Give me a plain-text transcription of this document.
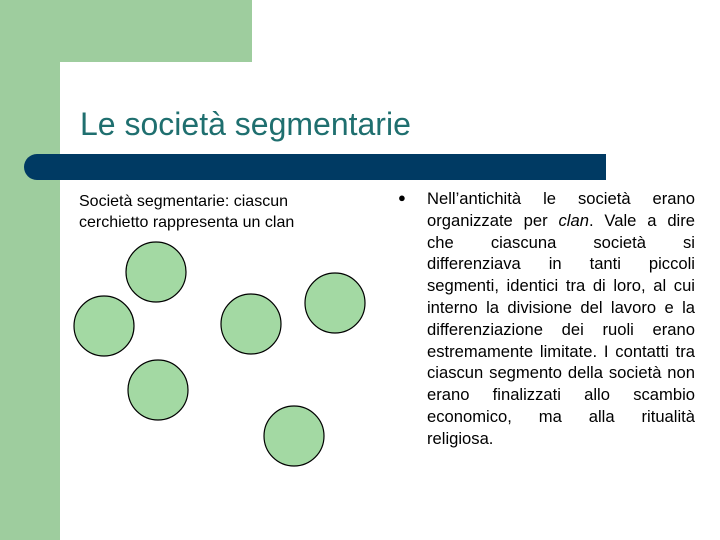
Le società segmentarie
Società segmentarie: ciascun cerchietto rappresenta un clan
● Nell’antichità le società erano organizzate per clan. Vale a dire che ciascuna società si differenziava in tanti piccoli segmenti, identici tra di loro, al cui interno la divisione del lavoro e la differenziazione dei ruoli erano estremamente limitate. I contatti tra ciascun segmento della società non erano finalizzati allo scambio economico, ma alla ritualità religiosa.
